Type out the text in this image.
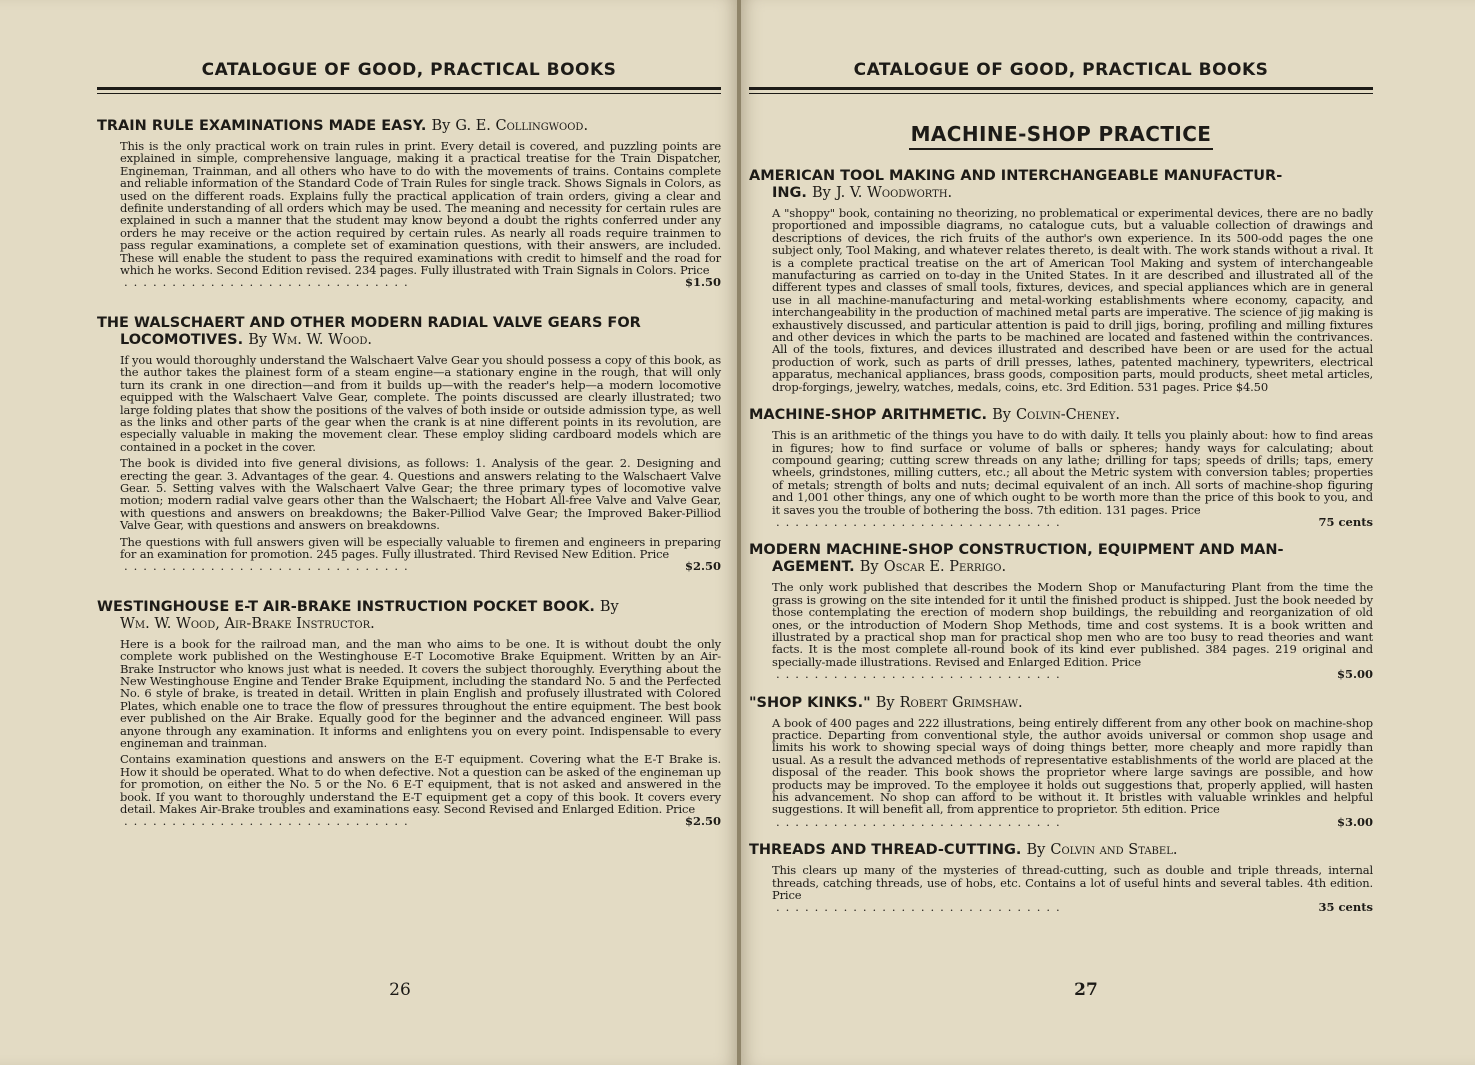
CATALOGUE OF GOOD, PRACTICAL BOOKS

TRAIN RULE EXAMINATIONS MADE EASY. By G. E. Collingwood.

This is the only practical work on train rules in print. Every detail is covered, and puzzling points are explained in simple, comprehensive language, making it a practical treatise for the Train Dispatcher, Engineman, Trainman, and all others who have to do with the movements of trains. Contains complete and reliable information of the Standard Code of Train Rules for single track. Shows Signals in Colors, as used on the different roads. Explains fully the practical application of train orders, giving a clear and definite understanding of all orders which may be used. The meaning and necessity for certain rules are explained in such a manner that the student may know beyond a doubt the rights conferred under any orders he may receive or the action required by certain rules. As nearly all roads require trainmen to pass regular examinations, a complete set of examination questions, with their answers, are included. These will enable the student to pass the required examinations with credit to himself and the road for which he works. Second Edition revised. 234 pages. Fully illustrated with Train Signals in Colors. Price

..............................	$1.50

THE WALSCHAERT AND OTHER MODERN RADIAL VALVE GEARS FOR
LOCOMOTIVES. By Wm. W. Wood.

If you would thoroughly understand the Walschaert Valve Gear you should possess a copy of this book, as the author takes the plainest form of a steam engine—a stationary engine in the rough, that will only turn its crank in one direction—and from it builds up—with the reader's help—a modern locomotive equipped with the Walschaert Valve Gear, complete. The points discussed are clearly illustrated; two large folding plates that show the positions of the valves of both inside or outside admission type, as well as the links and other parts of the gear when the crank is at nine different points in its revolution, are especially valuable in making the movement clear. These employ sliding cardboard models which are contained in a pocket in the cover.

The book is divided into five general divisions, as follows: 1. Analysis of the gear. 2. Designing and erecting the gear. 3. Advantages of the gear. 4. Questions and answers relating to the Walschaert Valve Gear. 5. Setting valves with the Walschaert Valve Gear; the three primary types of locomotive valve motion; modern radial valve gears other than the Walschaert; the Hobart All-free Valve and Valve Gear, with questions and answers on breakdowns; the Baker-Pilliod Valve Gear; the Improved Baker-Pilliod Valve Gear, with questions and answers on breakdowns.

The questions with full answers given will be especially valuable to firemen and engineers in preparing for an examination for promotion. 245 pages. Fully illustrated. Third Revised New Edition. Price

..............................	$2.50

WESTINGHOUSE E-T AIR-BRAKE INSTRUCTION POCKET BOOK. By
Wm. W. Wood, Air-Brake Instructor.

Here is a book for the railroad man, and the man who aims to be one. It is without doubt the only complete work published on the Westinghouse E-T Locomotive Brake Equipment. Written by an Air-Brake Instructor who knows just what is needed. It covers the subject thoroughly. Everything about the New Westinghouse Engine and Tender Brake Equipment, including the standard No. 5 and the Perfected No. 6 style of brake, is treated in detail. Written in plain English and profusely illustrated with Colored Plates, which enable one to trace the flow of pressures throughout the entire equipment. The best book ever published on the Air Brake. Equally good for the beginner and the advanced engineer. Will pass anyone through any examination. It informs and enlightens you on every point. Indispensable to every engineman and trainman.

Contains examination questions and answers on the E-T equipment. Covering what the E-T Brake is. How it should be operated. What to do when defective. Not a question can be asked of the engineman up for promotion, on either the No. 5 or the No. 6 E-T equipment, that is not asked and answered in the book. If you want to thoroughly understand the E-T equipment get a copy of this book. It covers every detail. Makes Air-Brake troubles and examinations easy. Second Revised and Enlarged Edition. Price

..............................	$2.50
26
CATALOGUE OF GOOD, PRACTICAL BOOKS
MACHINE-SHOP PRACTICE

AMERICAN TOOL MAKING AND INTERCHANGEABLE MANUFACTUR-
ING. By J. V. Woodworth.

A "shoppy" book, containing no theorizing, no problematical or experimental devices, there are no badly proportioned and impossible diagrams, no catalogue cuts, but a valuable collection of drawings and descriptions of devices, the rich fruits of the author's own experience. In its 500-odd pages the one subject only, Tool Making, and whatever relates thereto, is dealt with. The work stands without a rival. It is a complete practical treatise on the art of American Tool Making and system of interchangeable manufacturing as carried on to-day in the United States. In it are described and illustrated all of the different types and classes of small tools, fixtures, devices, and special appliances which are in general use in all machine-manufacturing and metal-working establishments where economy, capacity, and interchangeability in the production of machined metal parts are imperative. The science of jig making is exhaustively discussed, and particular attention is paid to drill jigs, boring, profiling and milling fixtures and other devices in which the parts to be machined are located and fastened within the contrivances. All of the tools, fixtures, and devices illustrated and described have been or are used for the actual production of work, such as parts of drill presses, lathes, patented machinery, typewriters, electrical apparatus, mechanical appliances, brass goods, composition parts, mould products, sheet metal articles, drop-forgings, jewelry, watches, medals, coins, etc. 3rd Edition. 531 pages. Price $4.50

MACHINE-SHOP ARITHMETIC. By Colvin-Cheney.

This is an arithmetic of the things you have to do with daily. It tells you plainly about: how to find areas in figures; how to find surface or volume of balls or spheres; handy ways for calculating; about compound gearing; cutting screw threads on any lathe; drilling for taps; speeds of drills; taps, emery wheels, grindstones, milling cutters, etc.; all about the Metric system with conversion tables; properties of metals; strength of bolts and nuts; decimal equivalent of an inch. All sorts of machine-shop figuring and 1,001 other things, any one of which ought to be worth more than the price of this book to you, and it saves you the trouble of bothering the boss. 7th edition. 131 pages. Price

..............................	75 cents

MODERN MACHINE-SHOP CONSTRUCTION, EQUIPMENT AND MAN-
AGEMENT. By Oscar E. Perrigo.

The only work published that describes the Modern Shop or Manufacturing Plant from the time the grass is growing on the site intended for it until the finished product is shipped. Just the book needed by those contemplating the erection of modern shop buildings, the rebuilding and reorganization of old ones, or the introduction of Modern Shop Methods, time and cost systems. It is a book written and illustrated by a practical shop man for practical shop men who are too busy to read theories and want facts. It is the most complete all-round book of its kind ever published. 384 pages. 219 original and specially-made illustrations. Revised and Enlarged Edition. Price

..............................	$5.00

"SHOP KINKS." By Robert Grimshaw.

A book of 400 pages and 222 illustrations, being entirely different from any other book on machine-shop practice. Departing from conventional style, the author avoids universal or common shop usage and limits his work to showing special ways of doing things better, more cheaply and more rapidly than usual. As a result the advanced methods of representative establishments of the world are placed at the disposal of the reader. This book shows the proprietor where large savings are possible, and how products may be improved. To the employee it holds out suggestions that, properly applied, will hasten his advancement. No shop can afford to be without it. It bristles with valuable wrinkles and helpful suggestions. It will benefit all, from apprentice to proprietor. 5th edition. Price

..............................	$3.00

THREADS AND THREAD-CUTTING. By Colvin and Stabel.

This clears up many of the mysteries of thread-cutting, such as double and triple threads, internal threads, catching threads, use of hobs, etc. Contains a lot of useful hints and several tables. 4th edition. Price

..............................	35 cents
27
